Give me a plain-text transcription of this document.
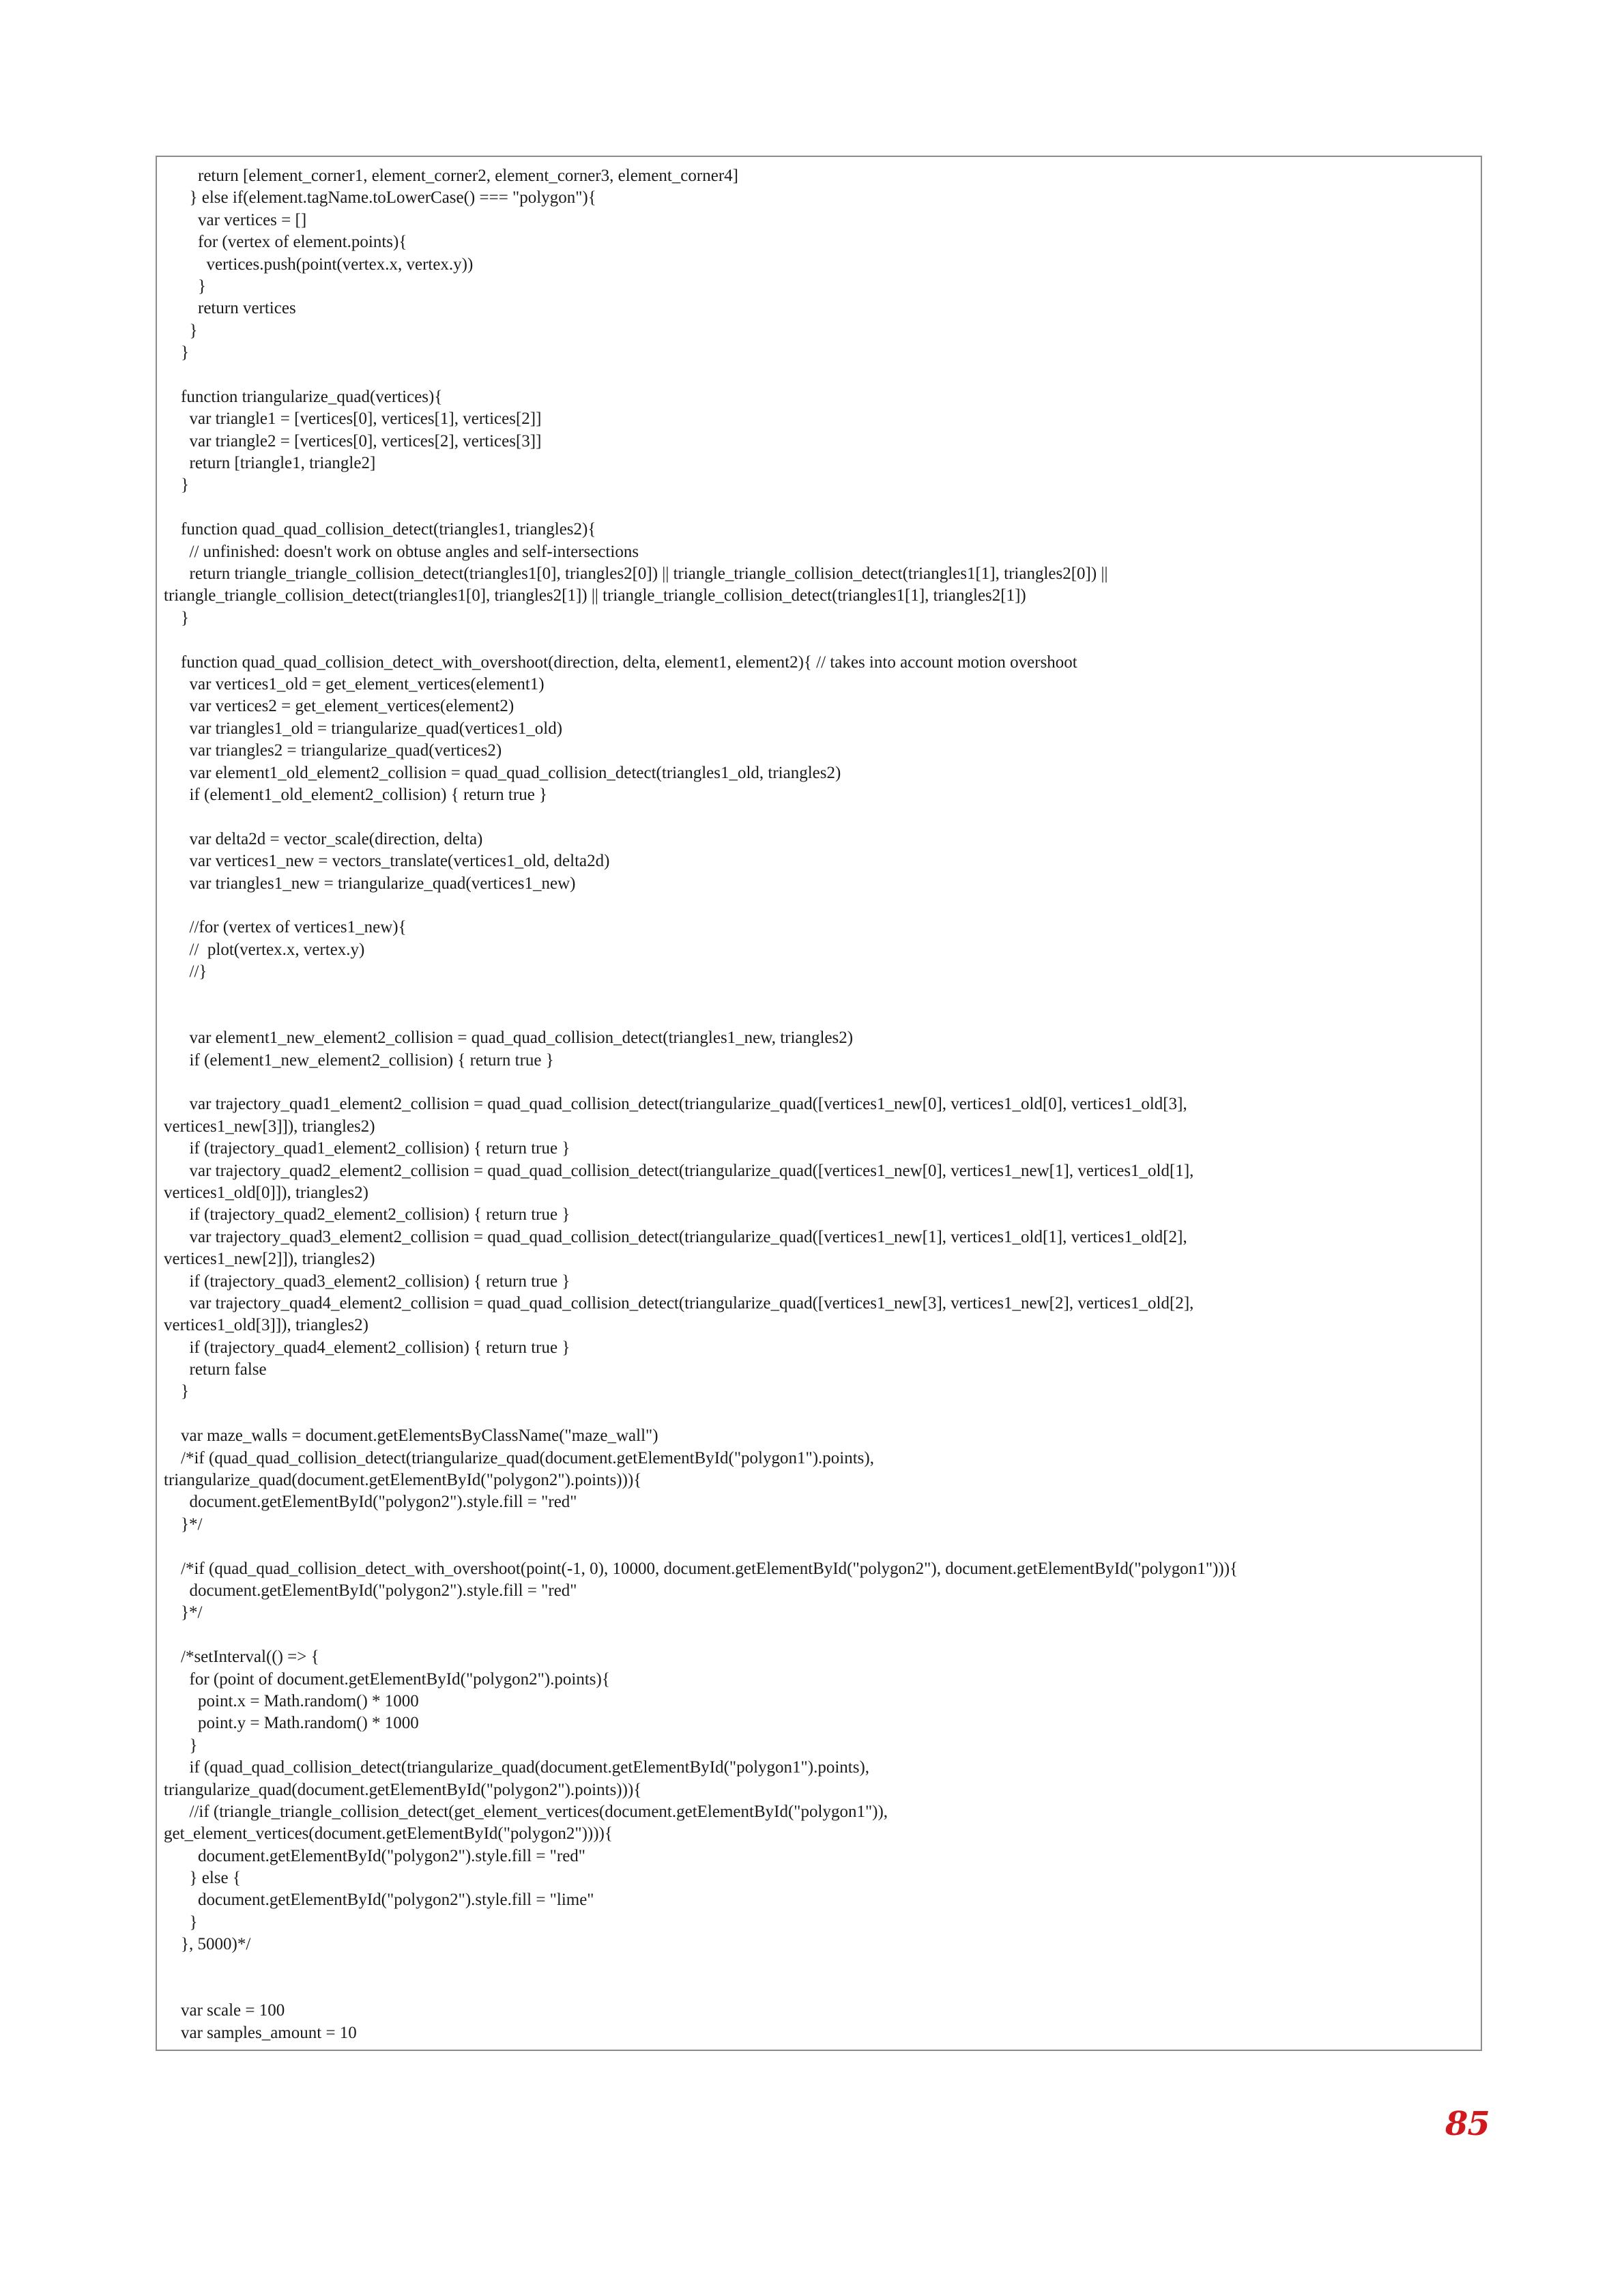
return [element_corner1, element_corner2, element_corner3, element_corner4]
} else if(element.tagName.toLowerCase() === "polygon"){
var vertices = []
for (vertex of element.points){
vertices.push(point(vertex.x, vertex.y))
}
return vertices
}
}
function triangularize_quad(vertices){
var triangle1 = [vertices[0], vertices[1], vertices[2]]
var triangle2 = [vertices[0], vertices[2], vertices[3]]
return [triangle1, triangle2]
}
function quad_quad_collision_detect(triangles1, triangles2){
// unfinished: doesn't work on obtuse angles and self-intersections
return triangle_triangle_collision_detect(triangles1[0], triangles2[0]) || triangle_triangle_collision_detect(triangles1[1], triangles2[0]) ||
triangle_triangle_collision_detect(triangles1[0], triangles2[1]) || triangle_triangle_collision_detect(triangles1[1], triangles2[1])
}
function quad_quad_collision_detect_with_overshoot(direction, delta, element1, element2){ // takes into account motion overshoot
var vertices1_old = get_element_vertices(element1)
var vertices2 = get_element_vertices(element2)
var triangles1_old = triangularize_quad(vertices1_old)
var triangles2 = triangularize_quad(vertices2)
var element1_old_element2_collision = quad_quad_collision_detect(triangles1_old, triangles2)
if (element1_old_element2_collision) { return true }
var delta2d = vector_scale(direction, delta)
var vertices1_new = vectors_translate(vertices1_old, delta2d)
var triangles1_new = triangularize_quad(vertices1_new)
//for (vertex of vertices1_new){
//  plot(vertex.x, vertex.y)
//}
var element1_new_element2_collision = quad_quad_collision_detect(triangles1_new, triangles2)
if (element1_new_element2_collision) { return true }
var trajectory_quad1_element2_collision = quad_quad_collision_detect(triangularize_quad([vertices1_new[0], vertices1_old[0], vertices1_old[3],
vertices1_new[3]]), triangles2)
if (trajectory_quad1_element2_collision) { return true }
var trajectory_quad2_element2_collision = quad_quad_collision_detect(triangularize_quad([vertices1_new[0], vertices1_new[1], vertices1_old[1],
vertices1_old[0]]), triangles2)
if (trajectory_quad2_element2_collision) { return true }
var trajectory_quad3_element2_collision = quad_quad_collision_detect(triangularize_quad([vertices1_new[1], vertices1_old[1], vertices1_old[2],
vertices1_new[2]]), triangles2)
if (trajectory_quad3_element2_collision) { return true }
var trajectory_quad4_element2_collision = quad_quad_collision_detect(triangularize_quad([vertices1_new[3], vertices1_new[2], vertices1_old[2],
vertices1_old[3]]), triangles2)
if (trajectory_quad4_element2_collision) { return true }
return false
}
var maze_walls = document.getElementsByClassName("maze_wall")
/*if (quad_quad_collision_detect(triangularize_quad(document.getElementById("polygon1").points),
triangularize_quad(document.getElementById("polygon2").points))){
document.getElementById("polygon2").style.fill = "red"
}*/
/*if (quad_quad_collision_detect_with_overshoot(point(-1, 0), 10000, document.getElementById("polygon2"), document.getElementById("polygon1"))){
document.getElementById("polygon2").style.fill = "red"
}*/
/*setInterval(() => {
for (point of document.getElementById("polygon2").points){
point.x = Math.random() * 1000
point.y = Math.random() * 1000
}
if (quad_quad_collision_detect(triangularize_quad(document.getElementById("polygon1").points),
triangularize_quad(document.getElementById("polygon2").points))){
//if (triangle_triangle_collision_detect(get_element_vertices(document.getElementById("polygon1")),
get_element_vertices(document.getElementById("polygon2")))){
document.getElementById("polygon2").style.fill = "red"
} else {
document.getElementById("polygon2").style.fill = "lime"
}
}, 5000)*/
var scale = 100
var samples_amount = 10
85
